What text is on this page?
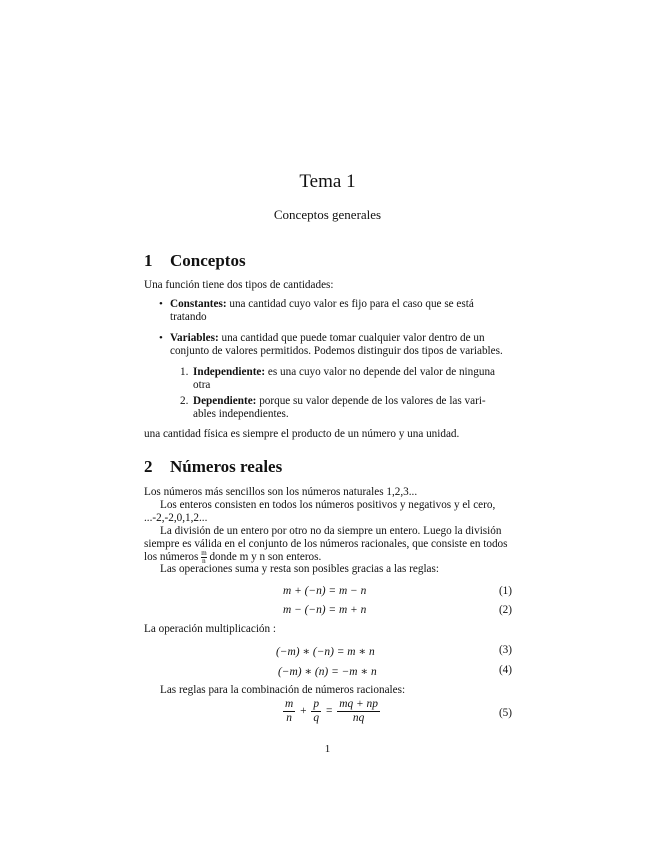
Tema 1
Conceptos generales
1 Conceptos
Una función tiene dos tipos de cantidades:
• Constantes: una cantidad cuyo valor es fijo para el caso que se está
tratando
• Variables: una cantidad que puede tomar cualquier valor dentro de un
conjunto de valores permitidos. Podemos distinguir dos tipos de variables.
1. Independiente: es una cuyo valor no depende del valor de ninguna
otra
2. Dependiente: porque su valor depende de los valores de las vari-
ables independientes.
una cantidad física es siempre el producto de un número y una unidad.
2 Números reales
Los números más sencillos son los números naturales 1,2,3...
Los enteros consisten en todos los números positivos y negativos y el cero,
...-2,-2,0,1,2...
La división de un entero por otro no da siempre un entero. Luego la división
siempre es válida en el conjunto de los números racionales, que consiste en todos
los números $\frac{m}{n}$ donde m y n son enteros.
Las operaciones suma y resta son posibles gracias a las reglas:
m + (−n) = m − n	(1)
m − (−n) = m + n	(2)
La operación multiplicación :
(−m) ∗ (−n) = m ∗ n	(3)
(−m) ∗ (n) = −m ∗ n	(4)
Las reglas para la combinación de números racionales:
$\frac{m}{n} + \frac{p}{q} = \frac{mq + np}{nq}$	(5)
1
